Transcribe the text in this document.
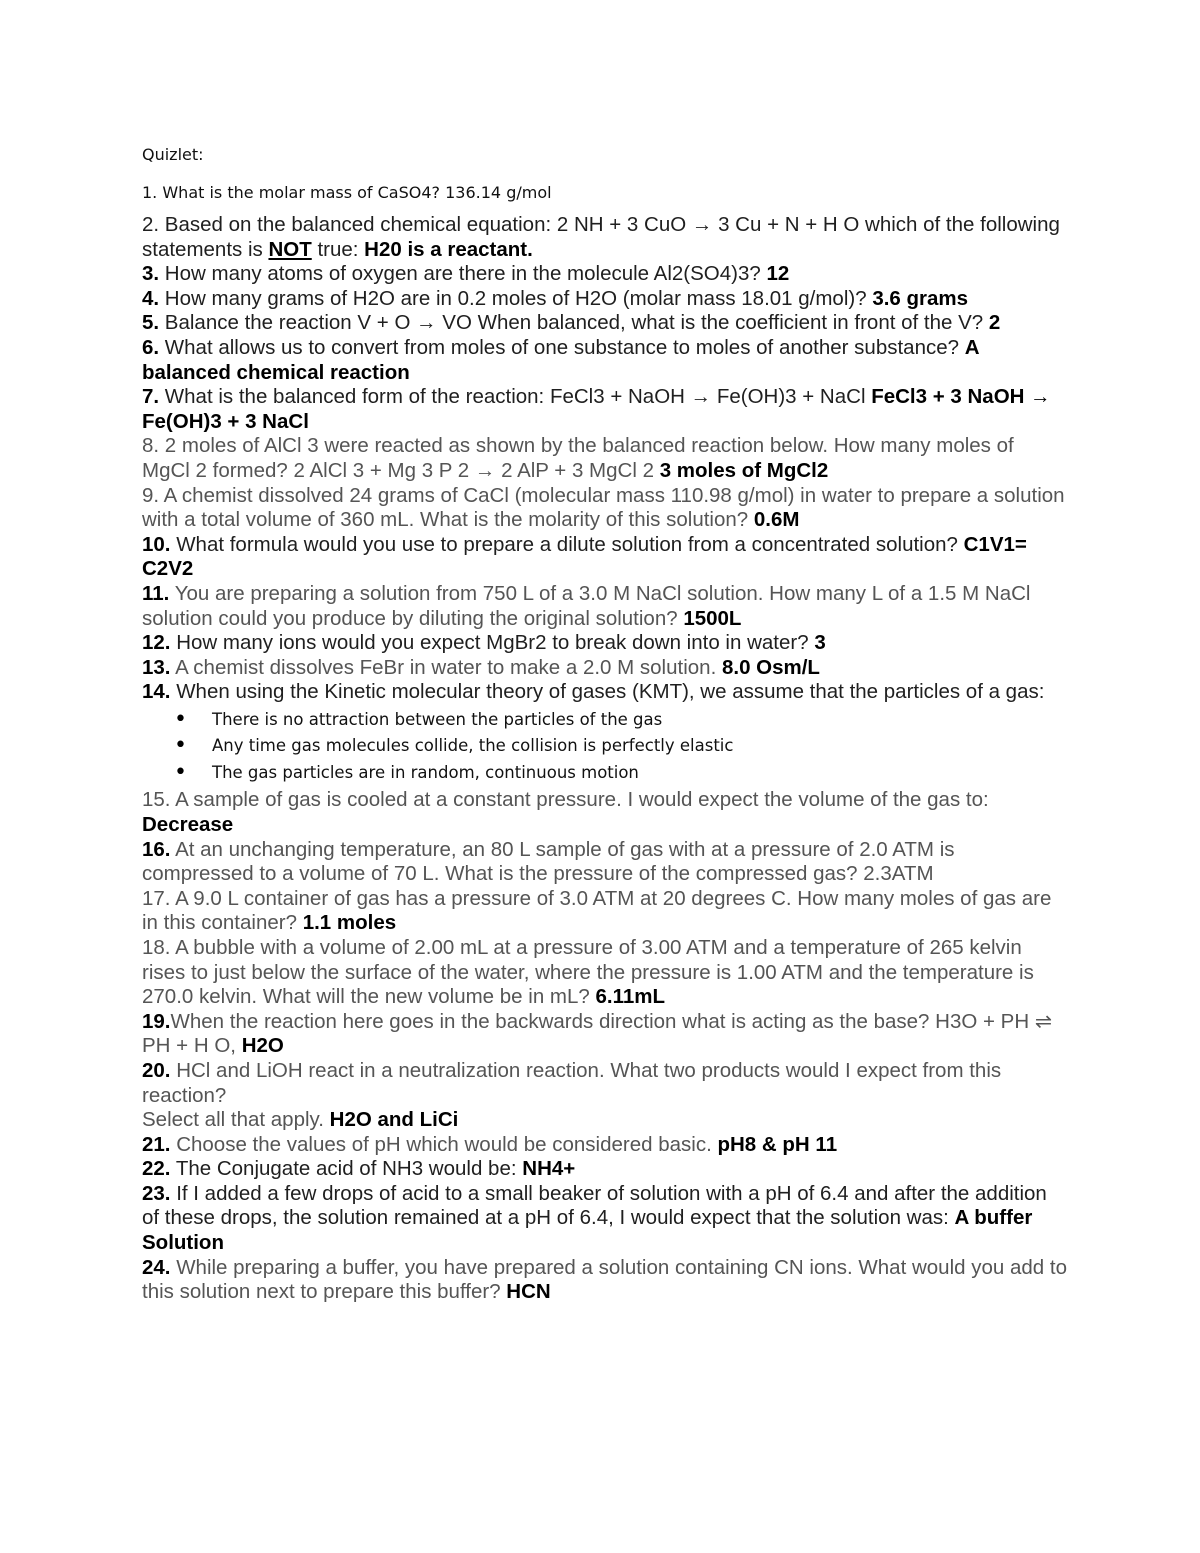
Quizlet:
1. What is the molar mass of CaSO4? 136.14 g/mol

2. Based on the balanced chemical equation: 2 NH + 3 CuO → 3 Cu + N + H O which of the following statements is NOT true: H20 is a reactant.

3. How many atoms of oxygen are there in the molecule Al2(SO4)3? 12

4. How many grams of H2O are in 0.2 moles of H2O (molar mass 18.01 g/mol)? 3.6 grams

5. Balance the reaction V + O → VO When balanced, what is the coefficient in front of the V? 2

6. What allows us to convert from moles of one substance to moles of another substance? A balanced chemical reaction

7. What is the balanced form of the reaction: FeCl3 + NaOH → Fe(OH)3 + NaCl FeCl3 + 3 NaOH → Fe(OH)3 + 3 NaCl

8. 2 moles of AlCl 3 were reacted as shown by the balanced reaction below. How many moles of MgCl 2 formed? 2 AlCl 3 + Mg 3 P 2 → 2 AlP + 3 MgCl 2 3 moles of MgCl2

9. A chemist dissolved 24 grams of CaCl (molecular mass 110.98 g/mol) in water to prepare a solution with a total volume of 360 mL. What is the molarity of this solution? 0.6M

10. What formula would you use to prepare a dilute solution from a concentrated solution? C1V1= C2V2

11. You are preparing a solution from 750 L of a 3.0 M NaCl solution. How many L of a 1.5 M NaCl solution could you produce by diluting the original solution? 1500L

12. How many ions would you expect MgBr2 to break down into in water? 3

13. A chemist dissolves FeBr in water to make a 2.0 M solution. 8.0 Osm/L

14. When using the Kinetic molecular theory of gases (KMT), we assume that the particles of a gas:

• There is no attraction between the particles of the gas
• Any time gas molecules collide, the collision is perfectly elastic
• The gas particles are in random, continuous motion

15. A sample of gas is cooled at a constant pressure. I would expect the volume of the gas to: Decrease

16. At an unchanging temperature, an 80 L sample of gas with at a pressure of 2.0 ATM is compressed to a volume of 70 L. What is the pressure of the compressed gas? 2.3ATM

17. A 9.0 L container of gas has a pressure of 3.0 ATM at 20 degrees C. How many moles of gas are in this container? 1.1 moles

18. A bubble with a volume of 2.00 mL at a pressure of 3.00 ATM and a temperature of 265 kelvin rises to just below the surface of the water, where the pressure is 1.00 ATM and the temperature is 270.0 kelvin. What will the new volume be in mL? 6.11mL

19.When the reaction here goes in the backwards direction what is acting as the base? H3O + PH ⇌ PH + H O, H2O

20. HCl and LiOH react in a neutralization reaction. What two products would I expect from this reaction?
Select all that apply. H2O and LiCi

21. Choose the values of pH which would be considered basic. pH8 & pH 11

22. The Conjugate acid of NH3 would be: NH4+

23. If I added a few drops of acid to a small beaker of solution with a pH of 6.4 and after the addition of these drops, the solution remained at a pH of 6.4, I would expect that the solution was: A buffer Solution

24. While preparing a buffer, you have prepared a solution containing CN ions. What would you add to this solution next to prepare this buffer? HCN
